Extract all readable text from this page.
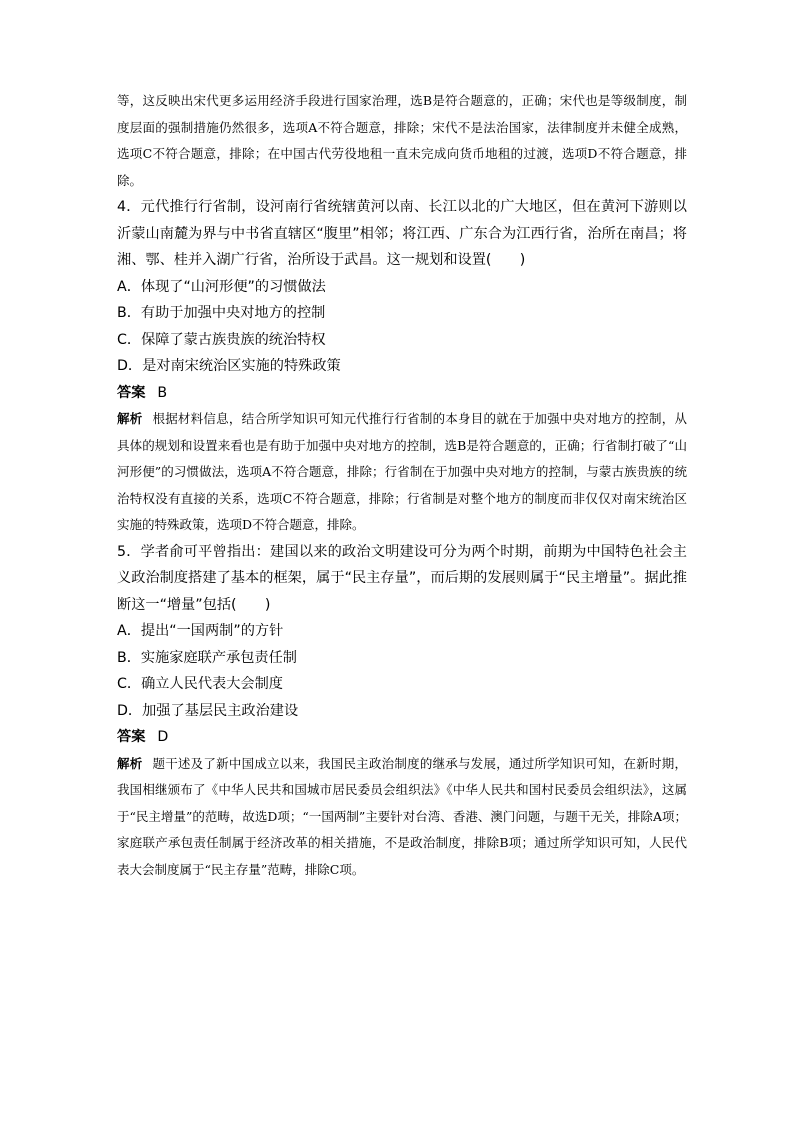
等，这反映出宋代更多运用经济手段进行国家治理，选B是符合题意的，正确；宋代也是等级制度，制度层面的强制措施仍然很多，选项A不符合题意，排除；宋代不是法治国家，法律制度并未健全成熟，选项C不符合题意，排除；在中国古代劳役地租一直未完成向货币地租的过渡，选项D不符合题意，排除。

4．元代推行行省制，设河南行省统辖黄河以南、长江以北的广大地区，但在黄河下游则以沂蒙山南麓为界与中书省直辖区“腹里”相邻；将江西、广东合为江西行省，治所在南昌；将湘、鄂、桂并入湖广行省，治所设于武昌。这一规划和设置(　　)

A．体现了“山河形便”的习惯做法

B．有助于加强中央对地方的控制

C．保障了蒙古族贵族的统治特权

D．是对南宋统治区实施的特殊政策

答案 B

解析 根据材料信息，结合所学知识可知元代推行行省制的本身目的就在于加强中央对地方的控制，从具体的规划和设置来看也是有助于加强中央对地方的控制，选B是符合题意的，正确；行省制打破了“山河形便”的习惯做法，选项A不符合题意，排除；行省制在于加强中央对地方的控制，与蒙古族贵族的统治特权没有直接的关系，选项C不符合题意，排除；行省制是对整个地方的制度而非仅仅对南宋统治区实施的特殊政策，选项D不符合题意，排除。

5．学者俞可平曾指出：建国以来的政治文明建设可分为两个时期，前期为中国特色社会主义政治制度搭建了基本的框架，属于“民主存量”，而后期的发展则属于“民主增量”。据此推断这一“增量”包括(　　)

A．提出“一国两制”的方针

B．实施家庭联产承包责任制

C．确立人民代表大会制度

D．加强了基层民主政治建设

答案 D

解析 题干述及了新中国成立以来，我国民主政治制度的继承与发展，通过所学知识可知，在新时期，我国相继颁布了《中华人民共和国城市居民委员会组织法》《中华人民共和国村民委员会组织法》，这属于“民主增量”的范畴，故选D项；“一国两制”主要针对台湾、香港、澳门问题，与题干无关，排除A项；家庭联产承包责任制属于经济改革的相关措施，不是政治制度，排除B项；通过所学知识可知，人民代表大会制度属于“民主存量”范畴，排除C项。
